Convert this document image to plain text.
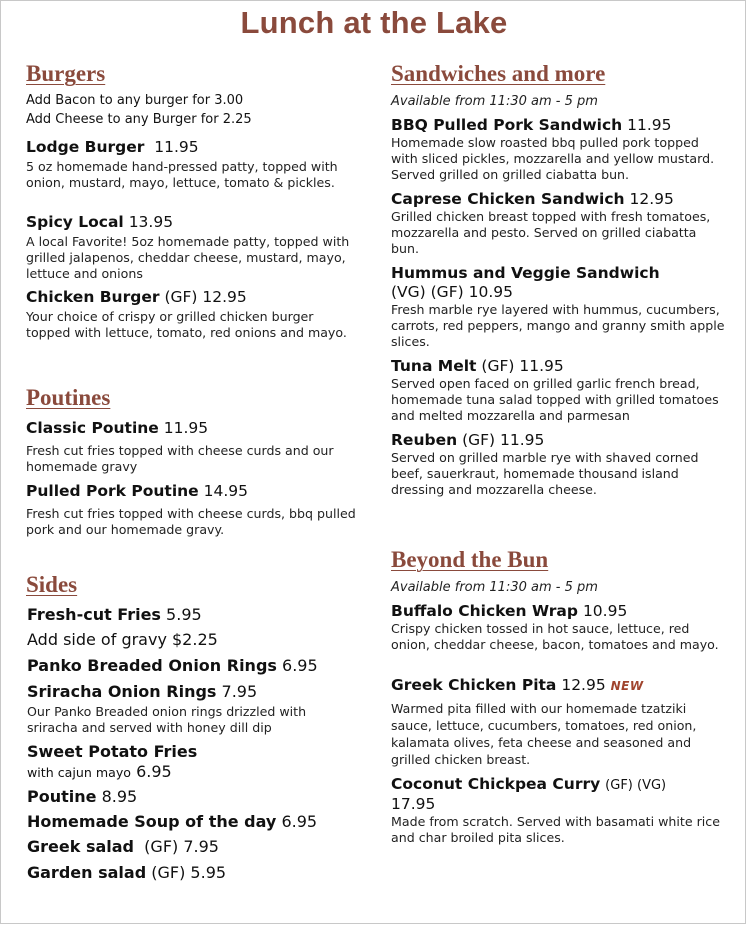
Lunch at the Lake
Burgers
Add Bacon to any burger for 3.00
Add Cheese to any Burger for 2.25
Lodge Burger 11.95
5 oz homemade hand-pressed patty, topped with onion, mustard, mayo, lettuce, tomato & pickles.
Spicy Local 13.95
A local Favorite! 5oz homemade patty, topped with grilled jalapenos, cheddar cheese, mustard, mayo, lettuce and onions
Chicken Burger (GF) 12.95
Your choice of crispy or grilled chicken burger topped with lettuce, tomato, red onions and mayo.
Poutines
Classic Poutine 11.95
Fresh cut fries topped with cheese curds and our homemade gravy
Pulled Pork Poutine 14.95
Fresh cut fries topped with cheese curds, bbq pulled pork and our homemade gravy.
Sides
Fresh-cut Fries 5.95
Add side of gravy $2.25
Panko Breaded Onion Rings 6.95
Sriracha Onion Rings 7.95
Our Panko Breaded onion rings drizzled with sriracha and served with honey dill dip
Sweet Potato Fries
with cajun mayo 6.95
Poutine 8.95
Homemade Soup of the day 6.95
Greek salad (GF) 7.95
Garden salad (GF) 5.95
Sandwiches and more
Available from 11:30 am - 5 pm
BBQ Pulled Pork Sandwich 11.95
Homemade slow roasted bbq pulled pork topped with sliced pickles, mozzarella and yellow mustard. Served grilled on grilled ciabatta bun.
Caprese Chicken Sandwich 12.95
Grilled chicken breast topped with fresh tomatoes, mozzarella and pesto. Served on grilled ciabatta bun.
Hummus and Veggie Sandwich
(VG) (GF) 10.95
Fresh marble rye layered with hummus, cucumbers, carrots, red peppers, mango and granny smith apple slices.
Tuna Melt (GF) 11.95
Served open faced on grilled garlic french bread, homemade tuna salad topped with grilled tomatoes and melted mozzarella and parmesan
Reuben (GF) 11.95
Served on grilled marble rye with shaved corned beef, sauerkraut, homemade thousand island dressing and mozzarella cheese.
Beyond the Bun
Available from 11:30 am - 5 pm
Buffalo Chicken Wrap 10.95
Crispy chicken tossed in hot sauce, lettuce, red onion, cheddar cheese, bacon, tomatoes and mayo.
Greek Chicken Pita 12.95 NEW
Warmed pita filled with our homemade tzatziki sauce, lettuce, cucumbers, tomatoes, red onion, kalamata olives, feta cheese and seasoned and grilled chicken breast.
Coconut Chickpea Curry (GF) (VG)
17.95
Made from scratch. Served with basamati white rice and char broiled pita slices.
